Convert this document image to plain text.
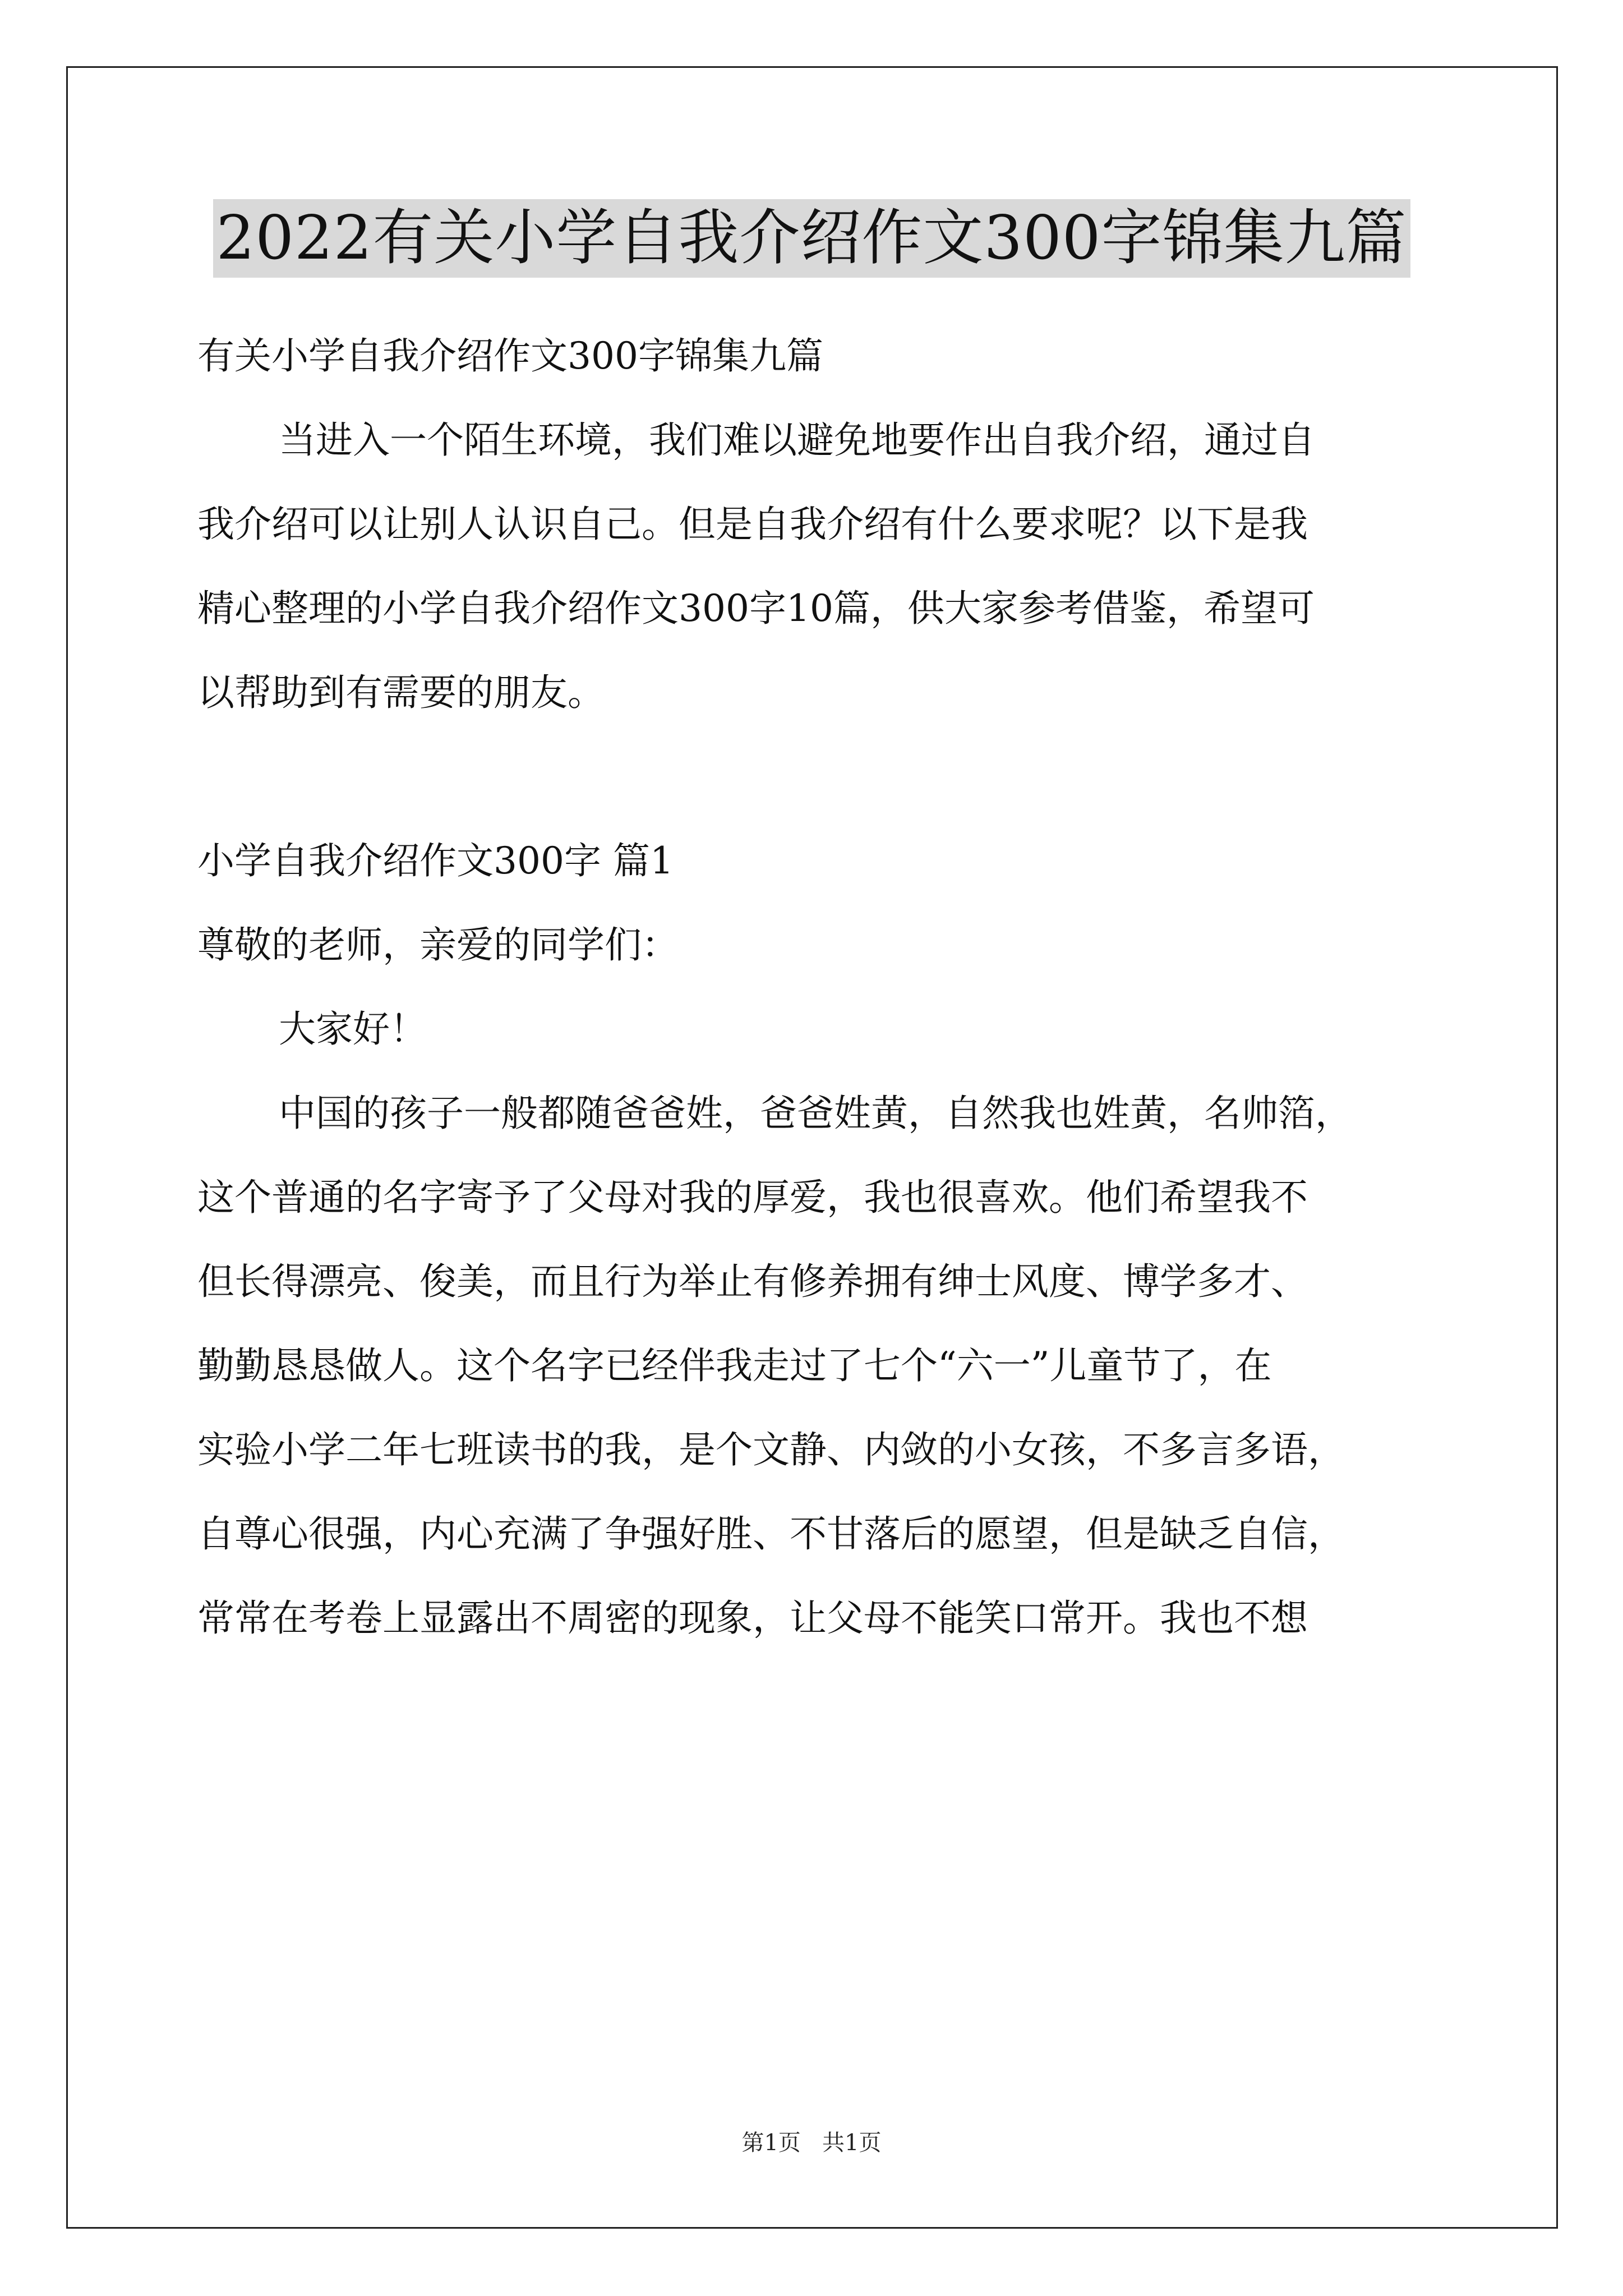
2022有关小学自我介绍作文300字锦集九篇

有关小学自我介绍作文300字锦集九篇

当进入一个陌生环境，我们难以避免地要作出自我介绍，通过自

我介绍可以让别人认识自己。但是自我介绍有什么要求呢？以下是我

精心整理的小学自我介绍作文300字10篇，供大家参考借鉴，希望可

以帮助到有需要的朋友。

小学自我介绍作文300字 篇1

尊敬的老师，亲爱的同学们：

大家好！

中国的孩子一般都随爸爸姓，爸爸姓黄，自然我也姓黄，名帅箔，

这个普通的名字寄予了父母对我的厚爱，我也很喜欢。他们希望我不

但长得漂亮、俊美，而且行为举止有修养拥有绅士风度、博学多才、

勤勤恳恳做人。这个名字已经伴我走过了七个“六一”儿童节了，在

实验小学二年七班读书的我，是个文静、内敛的小女孩，不多言多语，

自尊心很强，内心充满了争强好胜、不甘落后的愿望，但是缺乏自信，

常常在考卷上显露出不周密的现象，让父母不能笑口常开。我也不想

第1页   共1页
